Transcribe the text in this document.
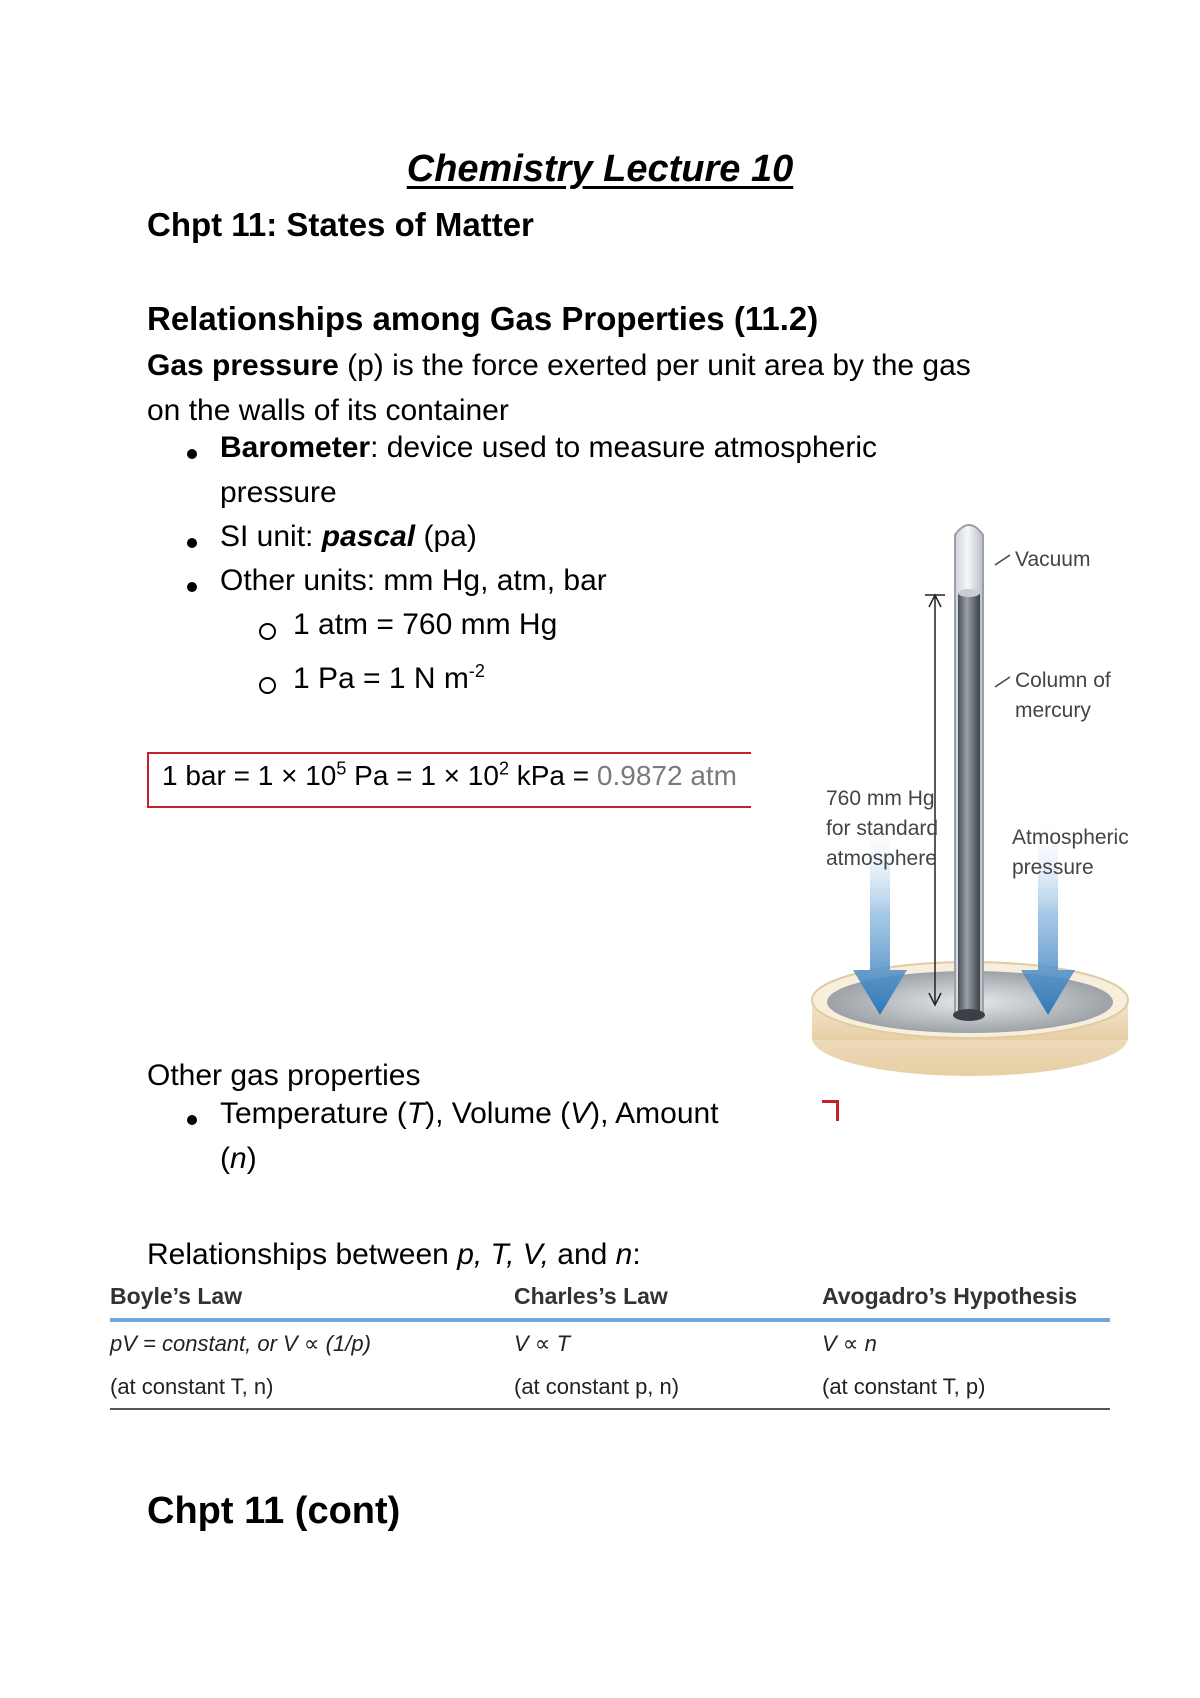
Chemistry Lecture 10
Chpt 11: States of Matter
Relationships among Gas Properties (11.2)
Gas pressure (p) is the force exerted per unit area by the gas
on the walls of its container
Barometer: device used to measure atmospheric
pressure
SI unit: pascal (pa)
Other units: mm Hg, atm, bar
1 atm = 760 mm Hg
1 Pa = 1 N $m^{-2}$
1 bar = $1 \times 10^5$ $Pa = 1 \times 10^2$ kPa = 0.9872 atm
Vacuum
Column of
mercury
760 mm Hg
for standard
atmosphere
Atmospheric
pressure
Other gas properties
Temperature (T), Volume (V), Amount
(n)
Relationships between p, T, V, and n:
Boyle’s Law	Charles’s Law	Avogadro’s Hypothesis
pV = constant, or V ∝ (1/p)	V ∝ T	V ∝ n
(at constant T, n)	(at constant p, n)	(at constant T, p)
Chpt 11 (cont)
